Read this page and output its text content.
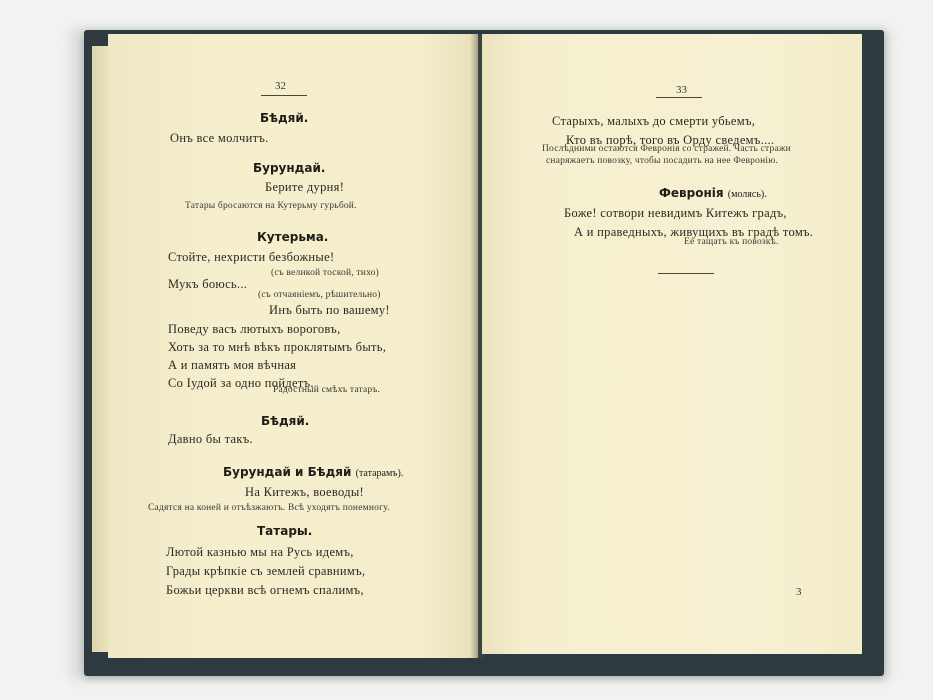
32
Бѣдяй.
Онъ все молчитъ.
Бурундай.
Берите дурня!
Татары бросаются на Кутерьму гурьбой.
Кутерьма.
Стойте, нехристи безбожные!
(съ великой тоской, тихо)
Мукъ боюсь...
(съ отчаяніемъ, рѣшительно)
Инъ быть по вашему!
Поведу васъ лютыхъ вороговъ,
Хоть за то мнѣ вѣкъ проклятымъ быть,
А и память моя вѣчная
Со Іудой за одно пойдетъ.
Радостный смѣхъ татаръ.
Бѣдяй.
Давно бы такъ.
Бурундай и Бѣдяй (татарамъ).
На Китежъ, воеводы!
Садятся на коней и отъѣзжаютъ. Всѣ уходятъ понемногу.
Татары.
Лютой казнью мы на Русь идемъ,
Грады крѣпкіе съ землей сравнимъ,
Божьи церкви всѣ огнемъ спалимъ,
33
Старыхъ, малыхъ до смерти убьемъ,
Кто въ порѣ, того въ Орду сведемъ....
Послѣдними остаются Февронія со стражей. Часть стражи
снаряжаетъ повозку, чтобы посадить на нее Февронію.
Февронія (молясь).
Боже! сотвори невидимъ Китежъ градъ,
А и праведныхъ, живущихъ въ градѣ томъ.
Ее тащатъ къ повозкѣ.
3
